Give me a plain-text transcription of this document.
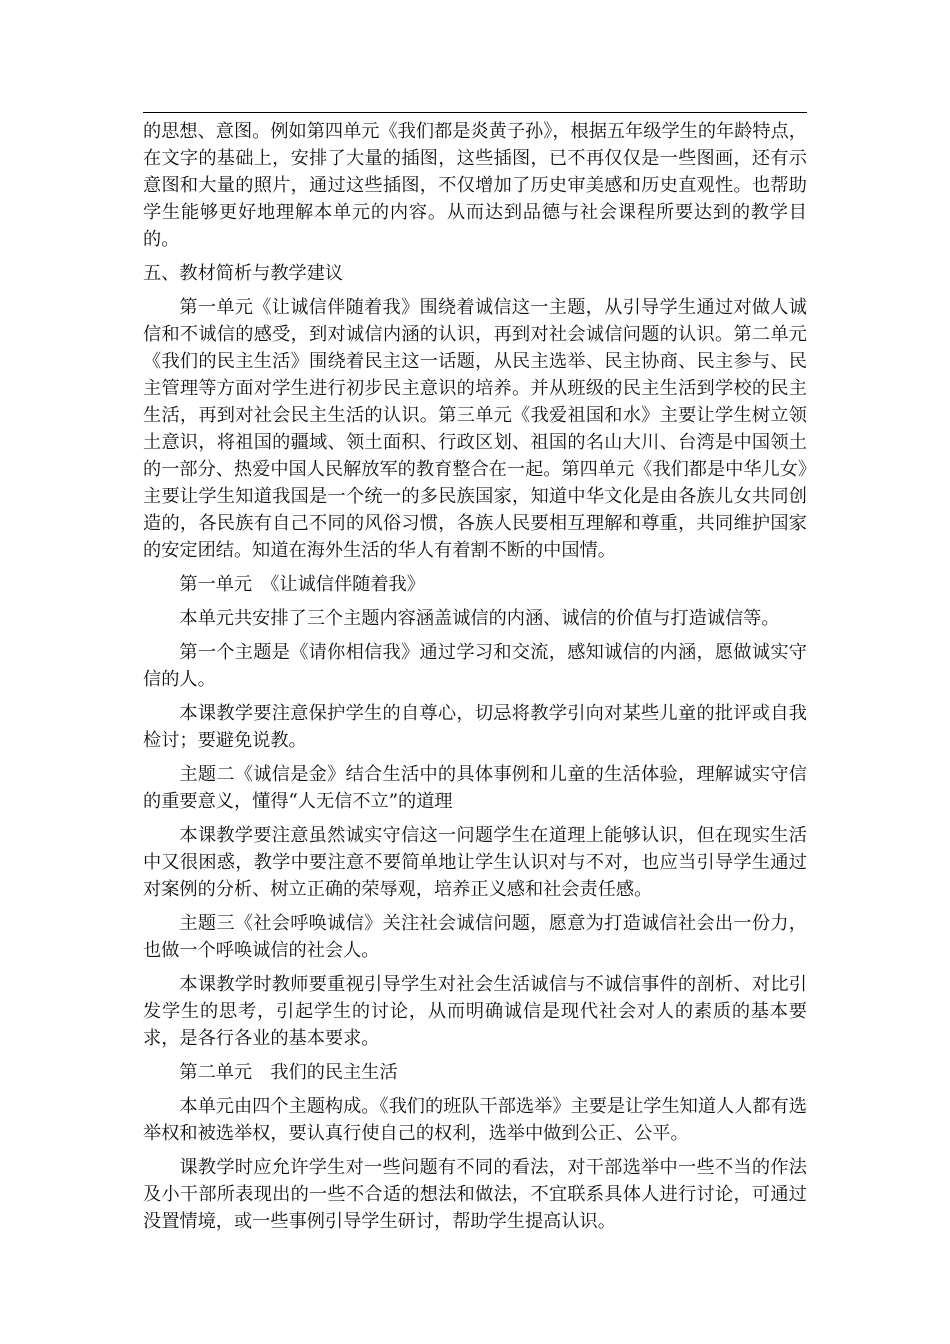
的思想、意图。例如第四单元《我们都是炎黄子孙》，根据五年级学生的年龄特点，在文字的基础上，安排了大量的插图，这些插图，已不再仅仅是一些图画，还有示意图和大量的照片，通过这些插图，不仅增加了历史审美感和历史直观性。也帮助学生能够更好地理解本单元的内容。从而达到品德与社会课程所要达到的教学目的。

五、教材简析与教学建议

第一单元《让诚信伴随着我》围绕着诚信这一主题，从引导学生通过对做人诚信和不诚信的感受，到对诚信内涵的认识，再到对社会诚信问题的认识。第二单元《我们的民主生活》围绕着民主这一话题，从民主选举、民主协商、民主参与、民主管理等方面对学生进行初步民主意识的培养。并从班级的民主生活到学校的民主生活，再到对社会民主生活的认识。第三单元《我爱祖国和水》主要让学生树立领土意识，将祖国的疆域、领土面积、行政区划、祖国的名山大川、台湾是中国领土的一部分、热爱中国人民解放军的教育整合在一起。第四单元《我们都是中华儿女》主要让学生知道我国是一个统一的多民族国家，知道中华文化是由各族儿女共同创造的，各民族有自己不同的风俗习惯，各族人民要相互理解和尊重，共同维护国家的安定团结。知道在海外生活的华人有着割不断的中国情。

第一单元　《让诚信伴随着我》

本单元共安排了三个主题内容涵盖诚信的内涵、诚信的价值与打造诚信等。

第一个主题是《请你相信我》通过学习和交流，感知诚信的内涵，愿做诚实守信的人。

本课教学要注意保护学生的自尊心，切忌将教学引向对某些儿童的批评或自我检讨；要避免说教。

主题二《诚信是金》结合生活中的具体事例和儿童的生活体验，理解诚实守信的重要意义，懂得“人无信不立”的道理

本课教学要注意虽然诚实守信这一问题学生在道理上能够认识，但在现实生活中又很困惑，教学中要注意不要简单地让学生认识对与不对，也应当引导学生通过对案例的分析、树立正确的荣辱观，培养正义感和社会责任感。

主题三《社会呼唤诚信》关注社会诚信问题，愿意为打造诚信社会出一份力，也做一个呼唤诚信的社会人。

本课教学时教师要重视引导学生对社会生活诚信与不诚信事件的剖析、对比引发学生的思考，引起学生的讨论，从而明确诚信是现代社会对人的素质的基本要求，是各行各业的基本要求。

第二单元　我们的民主生活

本单元由四个主题构成。《我们的班队干部选举》主要是让学生知道人人都有选举权和被选举权，要认真行使自己的权利，选举中做到公正、公平。

课教学时应允许学生对一些问题有不同的看法，对干部选举中一些不当的作法及小干部所表现出的一些不合适的想法和做法，不宜联系具体人进行讨论，可通过没置情境，或一些事例引导学生研讨，帮助学生提高认识。
